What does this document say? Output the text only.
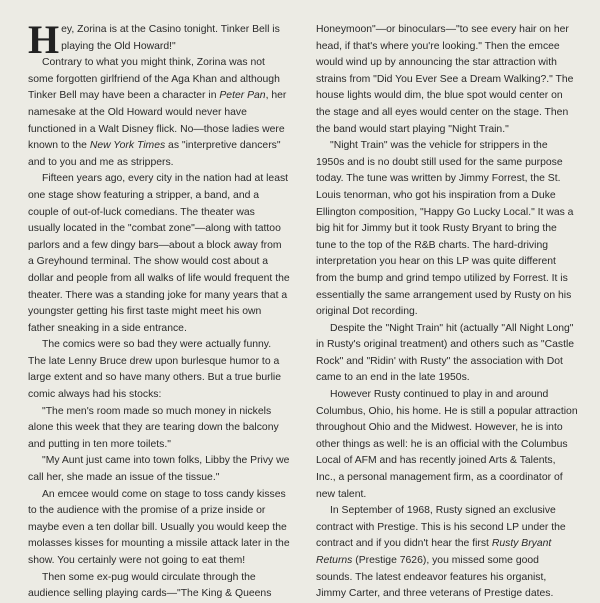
Hey, Zorina is at the Casino tonight. Tinker Bell is playing the Old Howard!"

Contrary to what you might think, Zorina was not some forgotten girlfriend of the Aga Khan and although Tinker Bell may have been a character in Peter Pan, her namesake at the Old Howard would never have functioned in a Walt Disney flick. No—those ladies were known to the New York Times as "interpretive dancers" and to you and me as strippers.

Fifteen years ago, every city in the nation had at least one stage show featuring a stripper, a band, and a couple of out-of-luck comedians. The theater was usually located in the "combat zone"—along with tattoo parlors and a few dingy bars—about a block away from a Greyhound terminal. The show would cost about a dollar and people from all walks of life would frequent the theater. There was a standing joke for many years that a youngster getting his first taste might meet his own father sneaking in a side entrance.

The comics were so bad they were actually funny. The late Lenny Bruce drew upon burlesque humor to a large extent and so have many others. But a true burlie comic always had his stocks:

"The men's room made so much money in nickels alone this week that they are tearing down the balcony and putting in ten more toilets."

"My Aunt just came into town folks, Libby the Privy we call her, she made an issue of the tissue."

An emcee would come on stage to toss candy kisses to the audience with the promise of a prize inside or maybe even a ten dollar bill. Usually you would keep the molasses kisses for mounting a missile attack later in the show. You certainly were not going to eat them!

Then some ex-pug would circulate through the audience selling playing cards—"The King & Queens

Honeymoon"—or binoculars—"to see every hair on her head, if that's where you're looking." Then the emcee would wind up by announcing the star attraction with strains from "Did You Ever See a Dream Walking?." The house lights would dim, the blue spot would center on the stage and all eyes would center on the stage. Then the band would start playing "Night Train."

"Night Train" was the vehicle for strippers in the 1950s and is no doubt still used for the same purpose today. The tune was written by Jimmy Forrest, the St. Louis tenorman, who got his inspiration from a Duke Ellington composition, "Happy Go Lucky Local." It was a big hit for Jimmy but it took Rusty Bryant to bring the tune to the top of the R&B charts. The hard-driving interpretation you hear on this LP was quite different from the bump and grind tempo utilized by Forrest. It is essentially the same arrangement used by Rusty on his original Dot recording.

Despite the "Night Train" hit (actually "All Night Long" in Rusty's original treatment) and others such as "Castle Rock" and "Ridin' with Rusty" the association with Dot came to an end in the late 1950s.

However Rusty continued to play in and around Columbus, Ohio, his home. He is still a popular attraction throughout Ohio and the Midwest. However, he is into other things as well: he is an official with the Columbus Local of AFM and has recently joined Arts & Talents, Inc., a personal management firm, as a coordinator of new talent.

In September of 1968, Rusty signed an exclusive contract with Prestige. This is his second LP under the contract and if you didn't hear the first Rusty Bryant Returns (Prestige 7626), you missed some good sounds. The latest endeavor features his organist, Jimmy Carter, and three veterans of Prestige dates.
